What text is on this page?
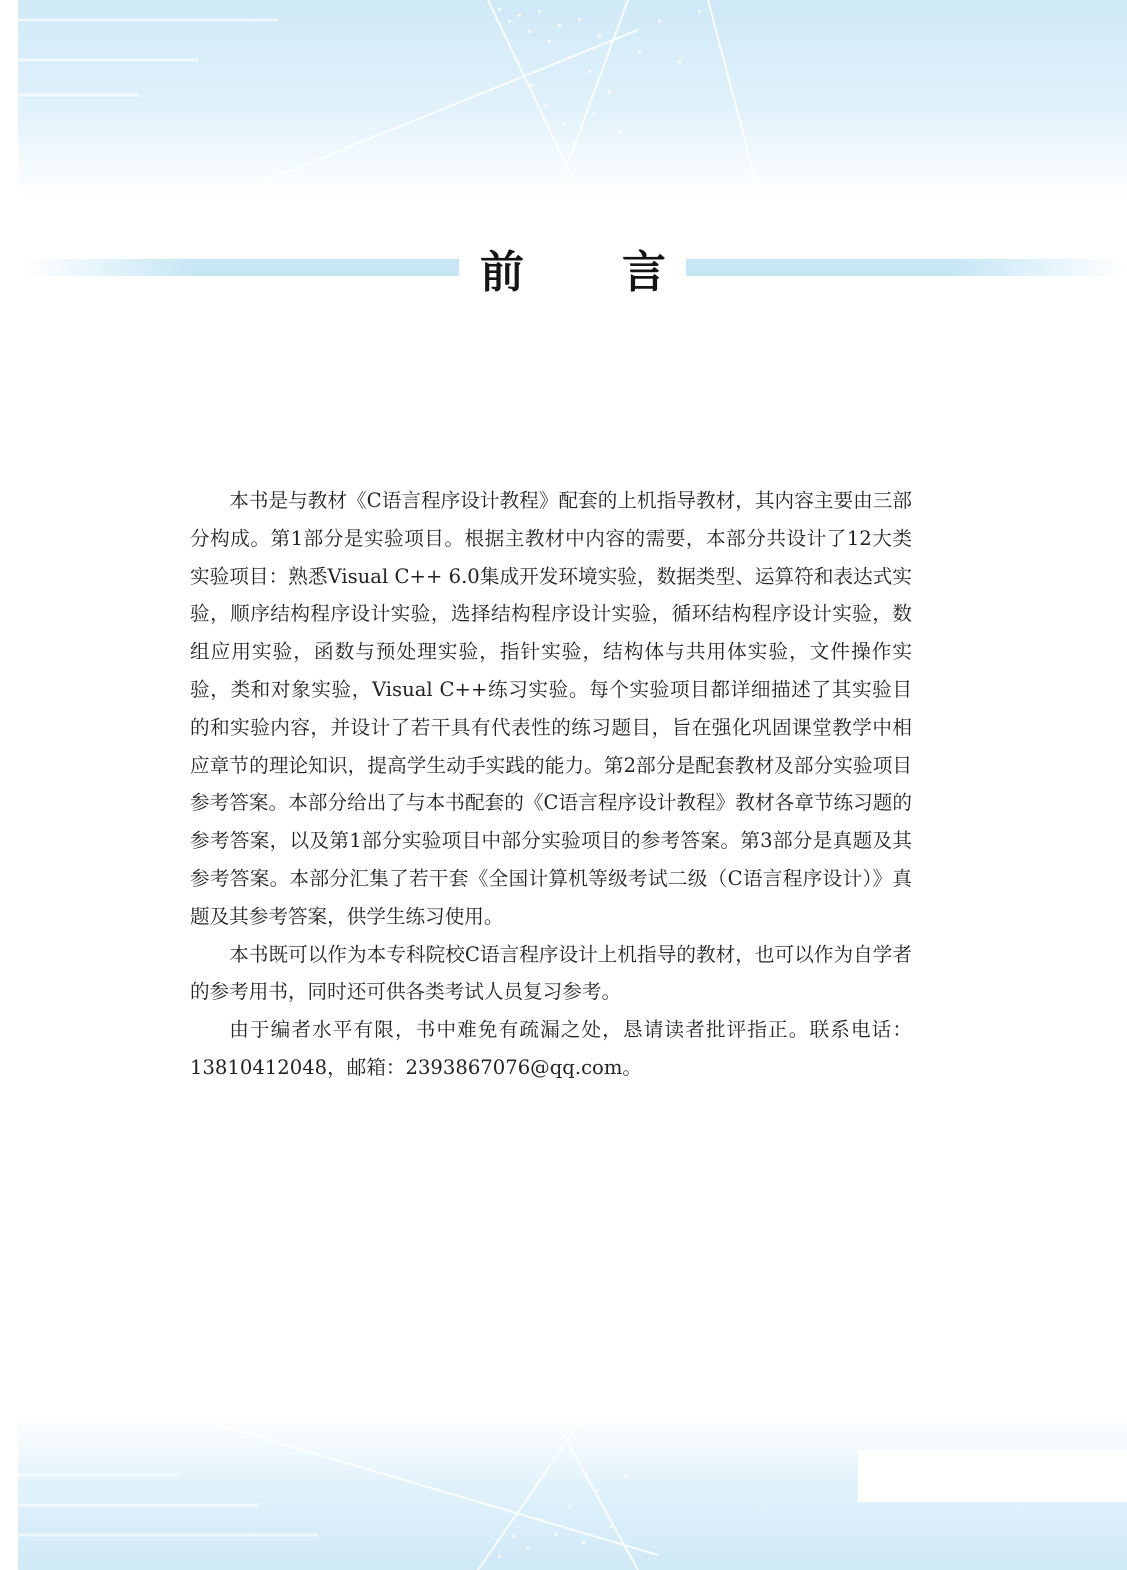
前 言

本书是与教材《C语言程序设计教程》配套的上机指导教材，其内容主要由三部分构成。第1部分是实验项目。根据主教材中内容的需要，本部分共设计了12大类实验项目：熟悉Visual C++ 6.0集成开发环境实验，数据类型、运算符和表达式实验，顺序结构程序设计实验，选择结构程序设计实验，循环结构程序设计实验，数组应用实验，函数与预处理实验，指针实验，结构体与共用体实验，文件操作实验，类和对象实验，Visual C++练习实验。每个实验项目都详细描述了其实验目的和实验内容，并设计了若干具有代表性的练习题目，旨在强化巩固课堂教学中相应章节的理论知识，提高学生动手实践的能力。第2部分是配套教材及部分实验项目参考答案。本部分给出了与本书配套的《C语言程序设计教程》教材各章节练习题的参考答案，以及第1部分实验项目中部分实验项目的参考答案。第3部分是真题及其参考答案。本部分汇集了若干套《全国计算机等级考试二级（C语言程序设计）》真题及其参考答案，供学生练习使用。

本书既可以作为本专科院校C语言程序设计上机指导的教材，也可以作为自学者的参考用书，同时还可供各类考试人员复习参考。

由于编者水平有限，书中难免有疏漏之处，恳请读者批评指正。联系电话：13810412048，邮箱：2393867076@qq.com。
